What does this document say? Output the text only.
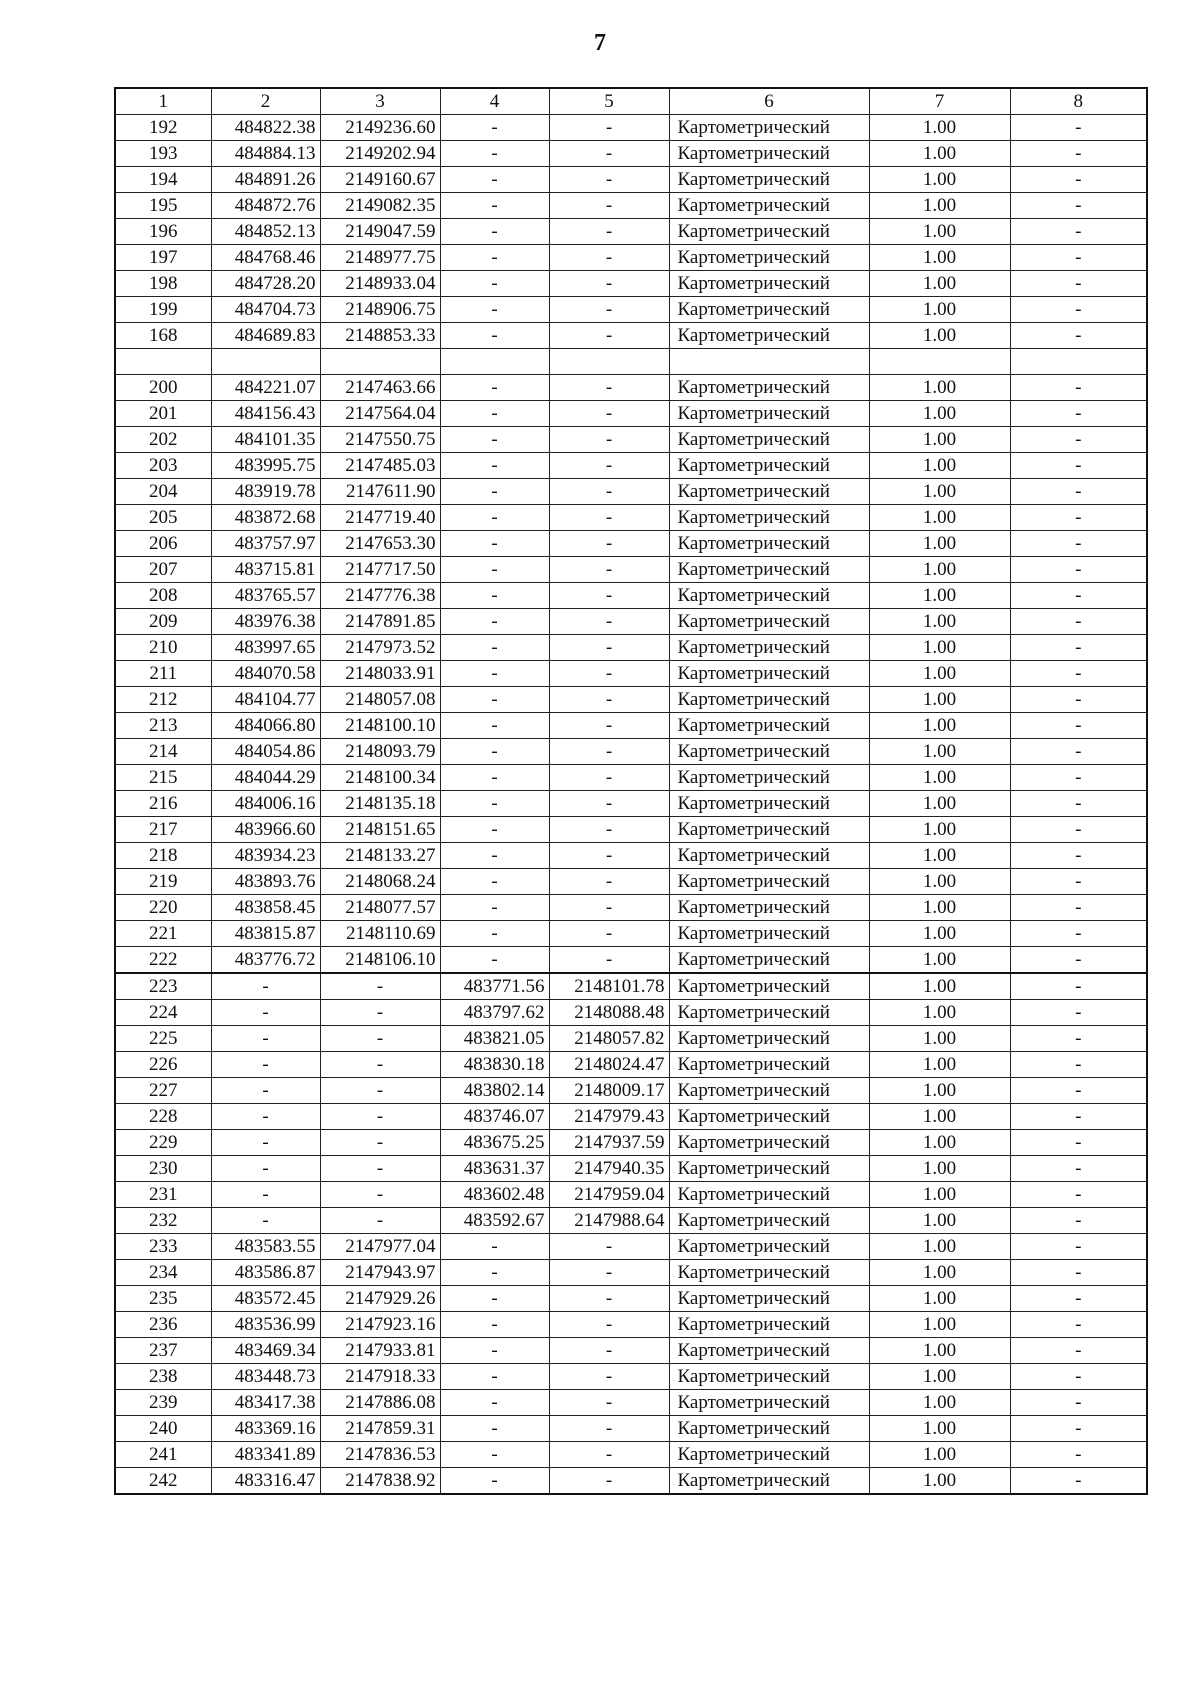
7
1	2	3	4	5	6	7	8
192	484822.38	2149236.60	-	-	Картометрический	1.00	-
193	484884.13	2149202.94	-	-	Картометрический	1.00	-
194	484891.26	2149160.67	-	-	Картометрический	1.00	-
195	484872.76	2149082.35	-	-	Картометрический	1.00	-
196	484852.13	2149047.59	-	-	Картометрический	1.00	-
197	484768.46	2148977.75	-	-	Картометрический	1.00	-
198	484728.20	2148933.04	-	-	Картометрический	1.00	-
199	484704.73	2148906.75	-	-	Картометрический	1.00	-
168	484689.83	2148853.33	-	-	Картометрический	1.00	-

200	484221.07	2147463.66	-	-	Картометрический	1.00	-
201	484156.43	2147564.04	-	-	Картометрический	1.00	-
202	484101.35	2147550.75	-	-	Картометрический	1.00	-
203	483995.75	2147485.03	-	-	Картометрический	1.00	-
204	483919.78	2147611.90	-	-	Картометрический	1.00	-
205	483872.68	2147719.40	-	-	Картометрический	1.00	-
206	483757.97	2147653.30	-	-	Картометрический	1.00	-
207	483715.81	2147717.50	-	-	Картометрический	1.00	-
208	483765.57	2147776.38	-	-	Картометрический	1.00	-
209	483976.38	2147891.85	-	-	Картометрический	1.00	-
210	483997.65	2147973.52	-	-	Картометрический	1.00	-
211	484070.58	2148033.91	-	-	Картометрический	1.00	-
212	484104.77	2148057.08	-	-	Картометрический	1.00	-
213	484066.80	2148100.10	-	-	Картометрический	1.00	-
214	484054.86	2148093.79	-	-	Картометрический	1.00	-
215	484044.29	2148100.34	-	-	Картометрический	1.00	-
216	484006.16	2148135.18	-	-	Картометрический	1.00	-
217	483966.60	2148151.65	-	-	Картометрический	1.00	-
218	483934.23	2148133.27	-	-	Картометрический	1.00	-
219	483893.76	2148068.24	-	-	Картометрический	1.00	-
220	483858.45	2148077.57	-	-	Картометрический	1.00	-
221	483815.87	2148110.69	-	-	Картометрический	1.00	-
222	483776.72	2148106.10	-	-	Картометрический	1.00	-
223	-	-	483771.56	2148101.78	Картометрический	1.00	-
224	-	-	483797.62	2148088.48	Картометрический	1.00	-
225	-	-	483821.05	2148057.82	Картометрический	1.00	-
226	-	-	483830.18	2148024.47	Картометрический	1.00	-
227	-	-	483802.14	2148009.17	Картометрический	1.00	-
228	-	-	483746.07	2147979.43	Картометрический	1.00	-
229	-	-	483675.25	2147937.59	Картометрический	1.00	-
230	-	-	483631.37	2147940.35	Картометрический	1.00	-
231	-	-	483602.48	2147959.04	Картометрический	1.00	-
232	-	-	483592.67	2147988.64	Картометрический	1.00	-
233	483583.55	2147977.04	-	-	Картометрический	1.00	-
234	483586.87	2147943.97	-	-	Картометрический	1.00	-
235	483572.45	2147929.26	-	-	Картометрический	1.00	-
236	483536.99	2147923.16	-	-	Картометрический	1.00	-
237	483469.34	2147933.81	-	-	Картометрический	1.00	-
238	483448.73	2147918.33	-	-	Картометрический	1.00	-
239	483417.38	2147886.08	-	-	Картометрический	1.00	-
240	483369.16	2147859.31	-	-	Картометрический	1.00	-
241	483341.89	2147836.53	-	-	Картометрический	1.00	-
242	483316.47	2147838.92	-	-	Картометрический	1.00	-
